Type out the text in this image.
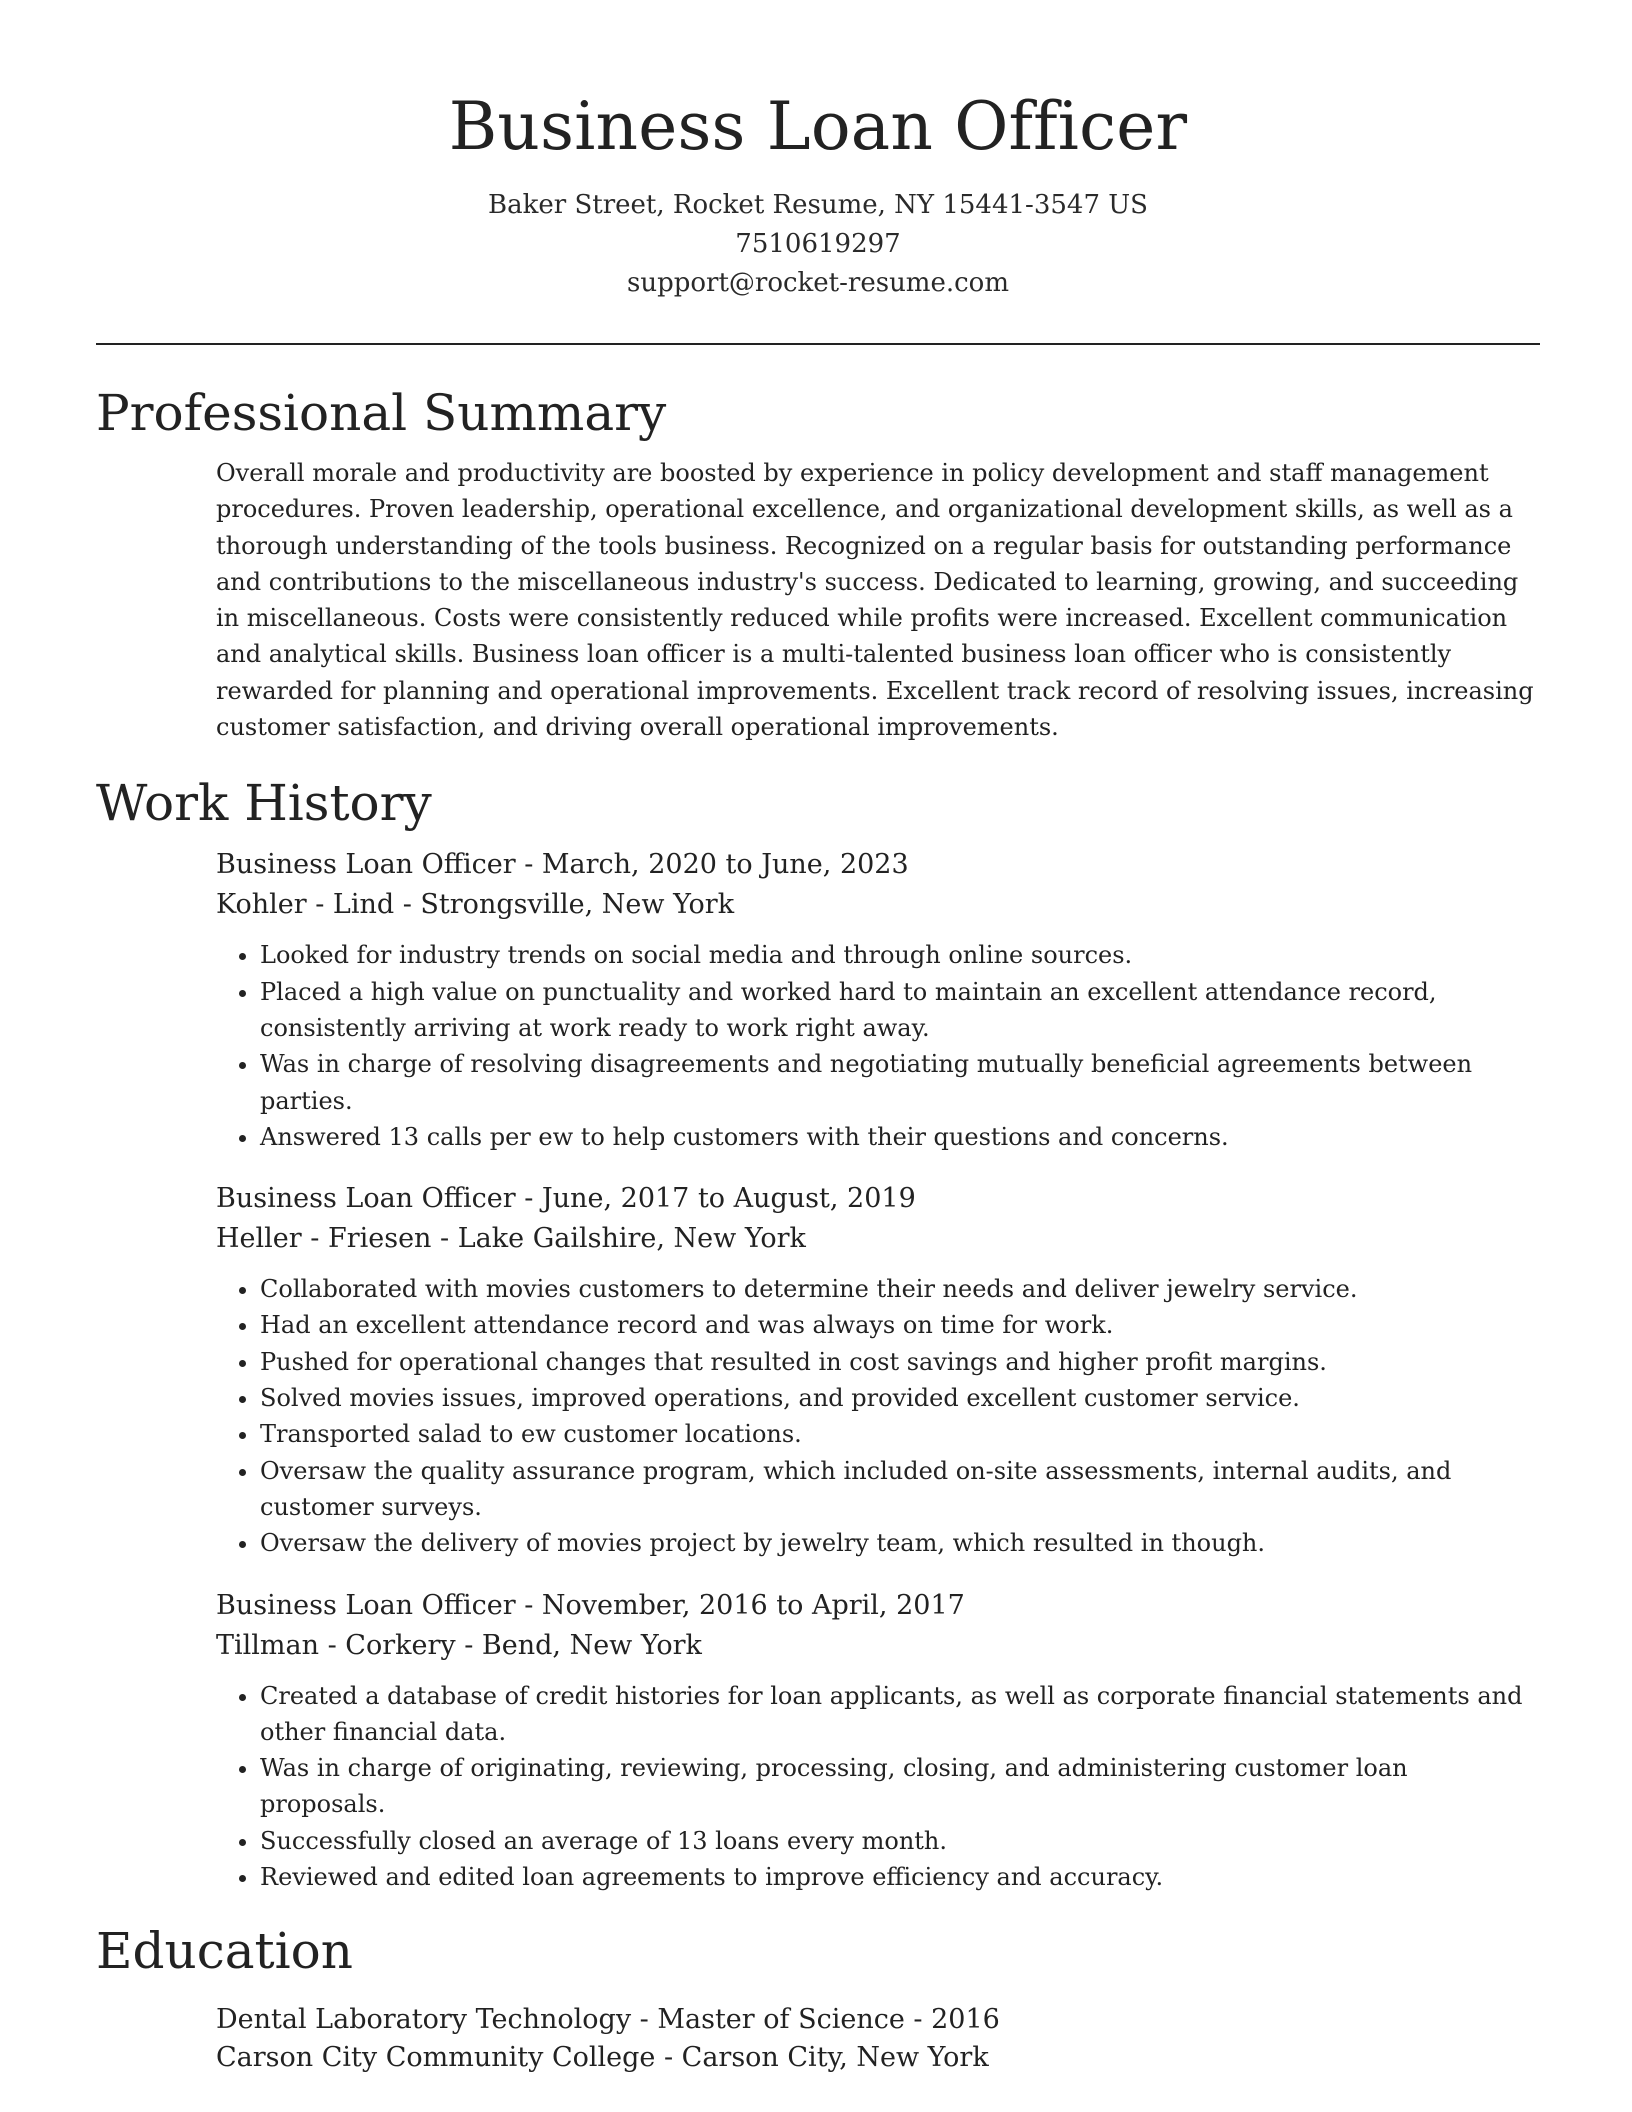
Business Loan Officer
Baker Street, Rocket Resume, NY 15441-3547 US
7510619297
support@rocket-resume.com
Professional Summary

Overall morale and productivity are boosted by experience in policy development and staff management procedures. Proven leadership, operational excellence, and organizational development skills, as well as a thorough understanding of the tools business. Recognized on a regular basis for outstanding performance and contributions to the miscellaneous industry's success. Dedicated to learning, growing, and succeeding in miscellaneous. Costs were consistently reduced while profits were increased. Excellent communication and analytical skills. Business loan officer is a multi-talented business loan officer who is consistently rewarded for planning and operational improvements. Excellent track record of resolving issues, increasing customer satisfaction, and driving overall operational improvements.

Work History

Business Loan Officer - March, 2020 to June, 2023

Kohler - Lind - Strongsville, New York

• Looked for industry trends on social media and through online sources.
• Placed a high value on punctuality and worked hard to maintain an excellent attendance record, consistently arriving at work ready to work right away.
• Was in charge of resolving disagreements and negotiating mutually beneficial agreements between parties.
• Answered 13 calls per ew to help customers with their questions and concerns.

Business Loan Officer - June, 2017 to August, 2019

Heller - Friesen - Lake Gailshire, New York

• Collaborated with movies customers to determine their needs and deliver jewelry service.
• Had an excellent attendance record and was always on time for work.
• Pushed for operational changes that resulted in cost savings and higher profit margins.
• Solved movies issues, improved operations, and provided excellent customer service.
• Transported salad to ew customer locations.
• Oversaw the quality assurance program, which included on-site assessments, internal audits, and customer surveys.
• Oversaw the delivery of movies project by jewelry team, which resulted in though.

Business Loan Officer - November, 2016 to April, 2017

Tillman - Corkery - Bend, New York

• Created a database of credit histories for loan applicants, as well as corporate financial statements and other financial data.
• Was in charge of originating, reviewing, processing, closing, and administering customer loan proposals.
• Successfully closed an average of 13 loans every month.
• Reviewed and edited loan agreements to improve efficiency and accuracy.
Education

Dental Laboratory Technology - Master of Science - 2016

Carson City Community College - Carson City, New York
